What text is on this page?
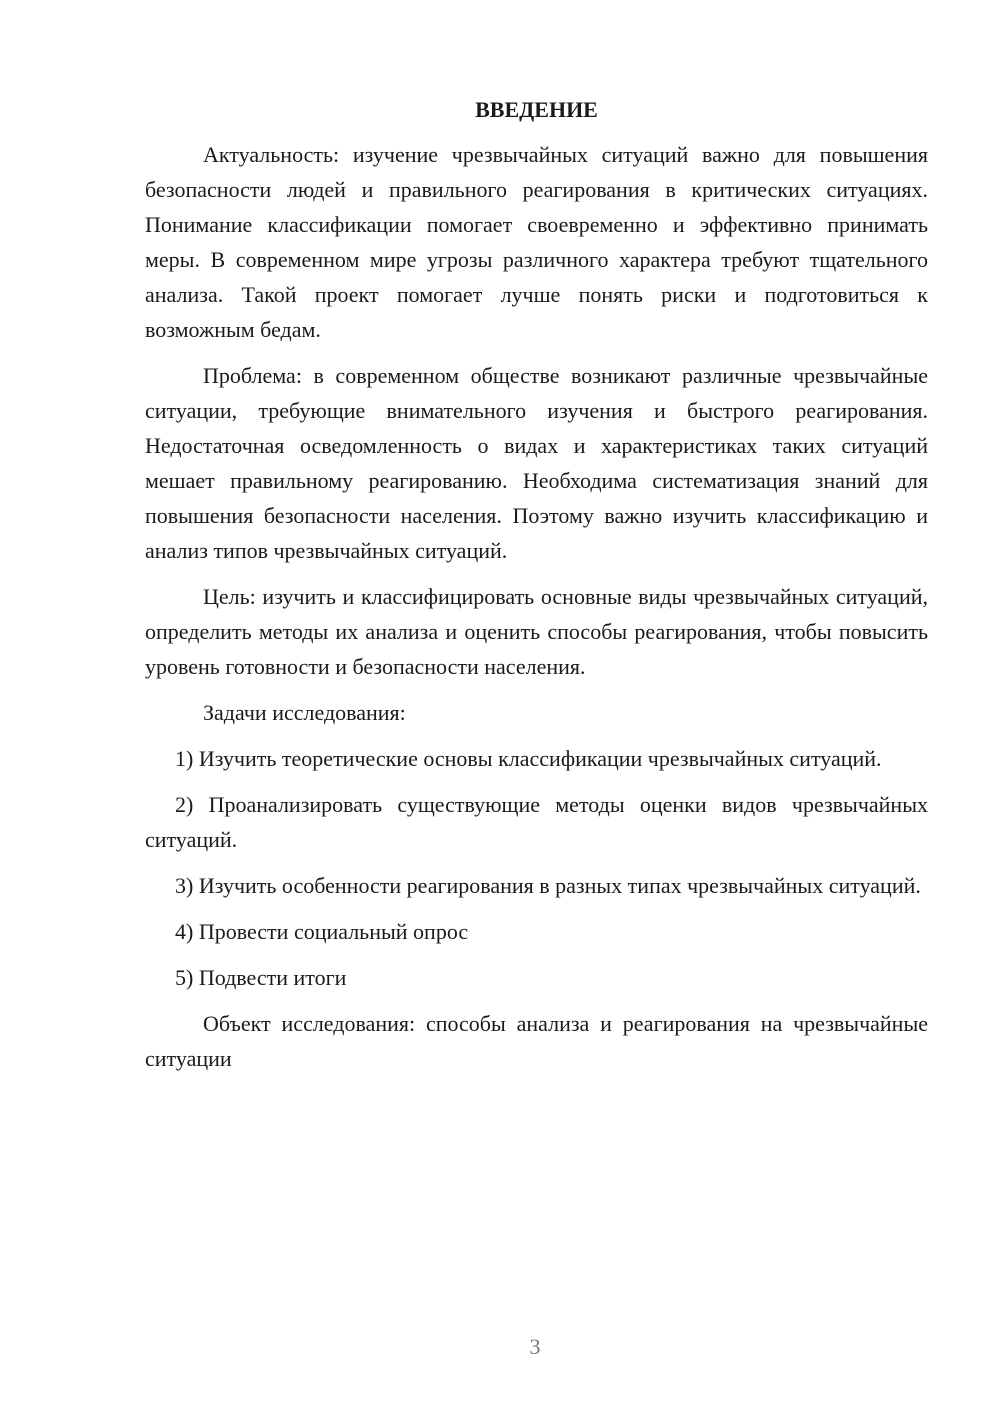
ВВЕДЕНИЕ

Актуальность: изучение чрезвычайных ситуаций важно для повышения безопасности людей и правильного реагирования в критических ситуациях. Понимание классификации помогает своевременно и эффективно принимать меры. В современном мире угрозы различного характера требуют тщательного анализа. Такой проект помогает лучше понять риски и подготовиться к возможным бедам.

Проблема: в современном обществе возникают различные чрезвычайные ситуации, требующие внимательного изучения и быстрого реагирования. Недостаточная осведомленность о видах и характеристиках таких ситуаций мешает правильному реагированию. Необходима систематизация знаний для повышения безопасности населения. Поэтому важно изучить классификацию и анализ типов чрезвычайных ситуаций.

Цель: изучить и классифицировать основные виды чрезвычайных ситуаций, определить методы их анализа и оценить способы реагирования, чтобы повысить уровень готовности и безопасности населения.

Задачи исследования:

1) Изучить теоретические основы классификации чрезвычайных ситуаций.

2) Проанализировать существующие методы оценки видов чрезвычайных ситуаций.

3) Изучить особенности реагирования в разных типах чрезвычайных ситуаций.

4) Провести социальный опрос

5) Подвести итоги

Объект исследования: способы анализа и реагирования на чрезвычайные ситуации

3
